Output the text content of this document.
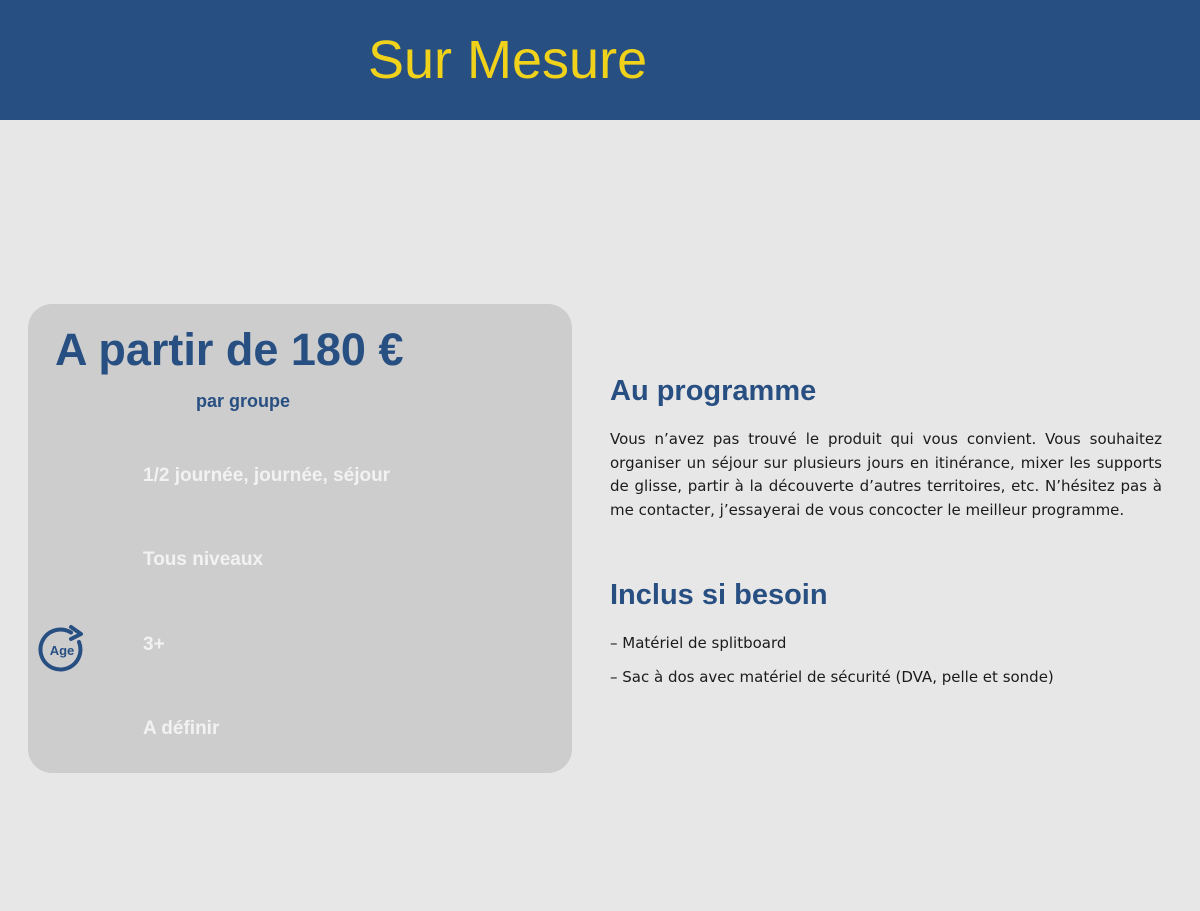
Sur Mesure
A partir de 180 €
par groupe
1/2 journée, journée, séjour
Tous niveaux
Age	3+
A définir
Au programme

Vous n’avez pas trouvé le produit qui vous convient. Vous souhaitez organiser un séjour sur plusieurs jours en itinérance, mixer les supports de glisse, partir à la découverte d’autres territoires, etc. N’hésitez pas à me contacter, j’essayerai de vous concocter le meilleur programme.

Inclus si besoin
– Matériel de splitboard
– Sac à dos avec matériel de sécurité (DVA, pelle et sonde)
